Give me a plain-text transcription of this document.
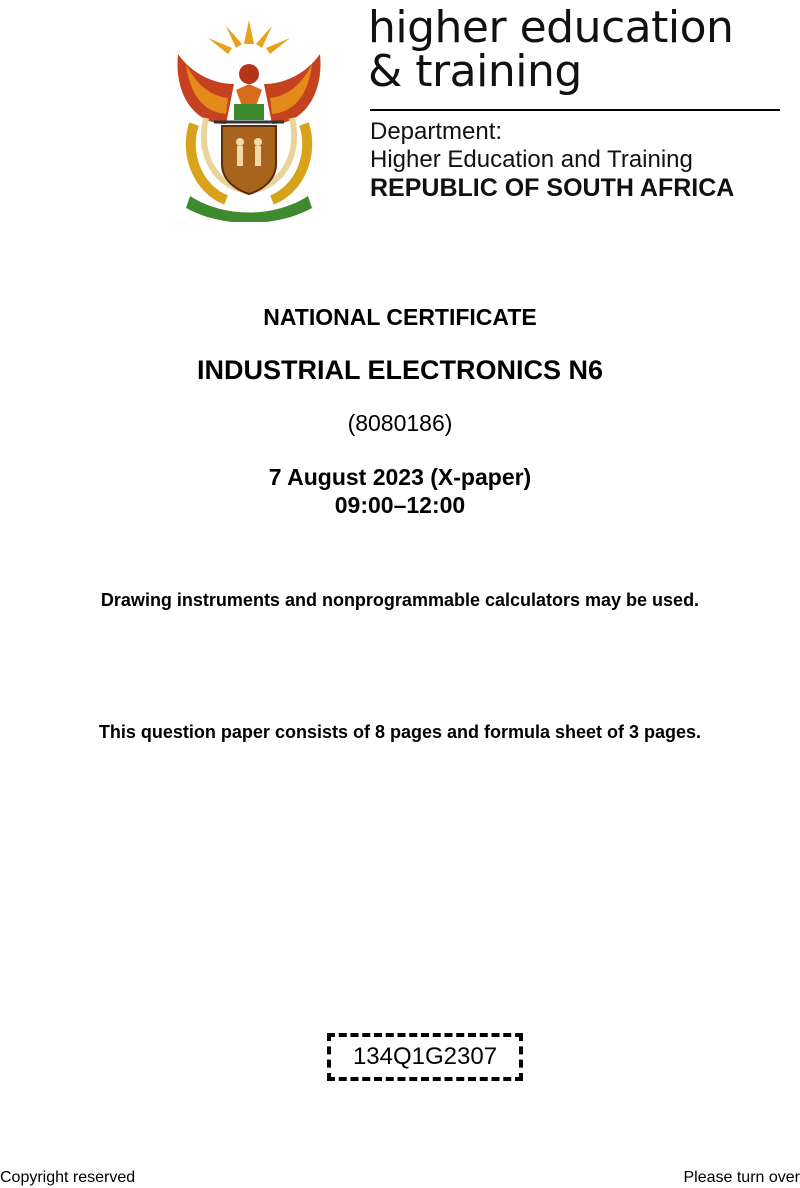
higher education
& training
Department:
Higher Education and Training
REPUBLIC OF SOUTH AFRICA
NATIONAL CERTIFICATE
INDUSTRIAL ELECTRONICS N6
(8080186)
7 August 2023 (X-paper)
09:00–12:00
Drawing instruments and nonprogrammable calculators may be used.
This question paper consists of 8 pages and formula sheet of 3 pages.
134Q1G2307
Copyright reserved	Please turn over
